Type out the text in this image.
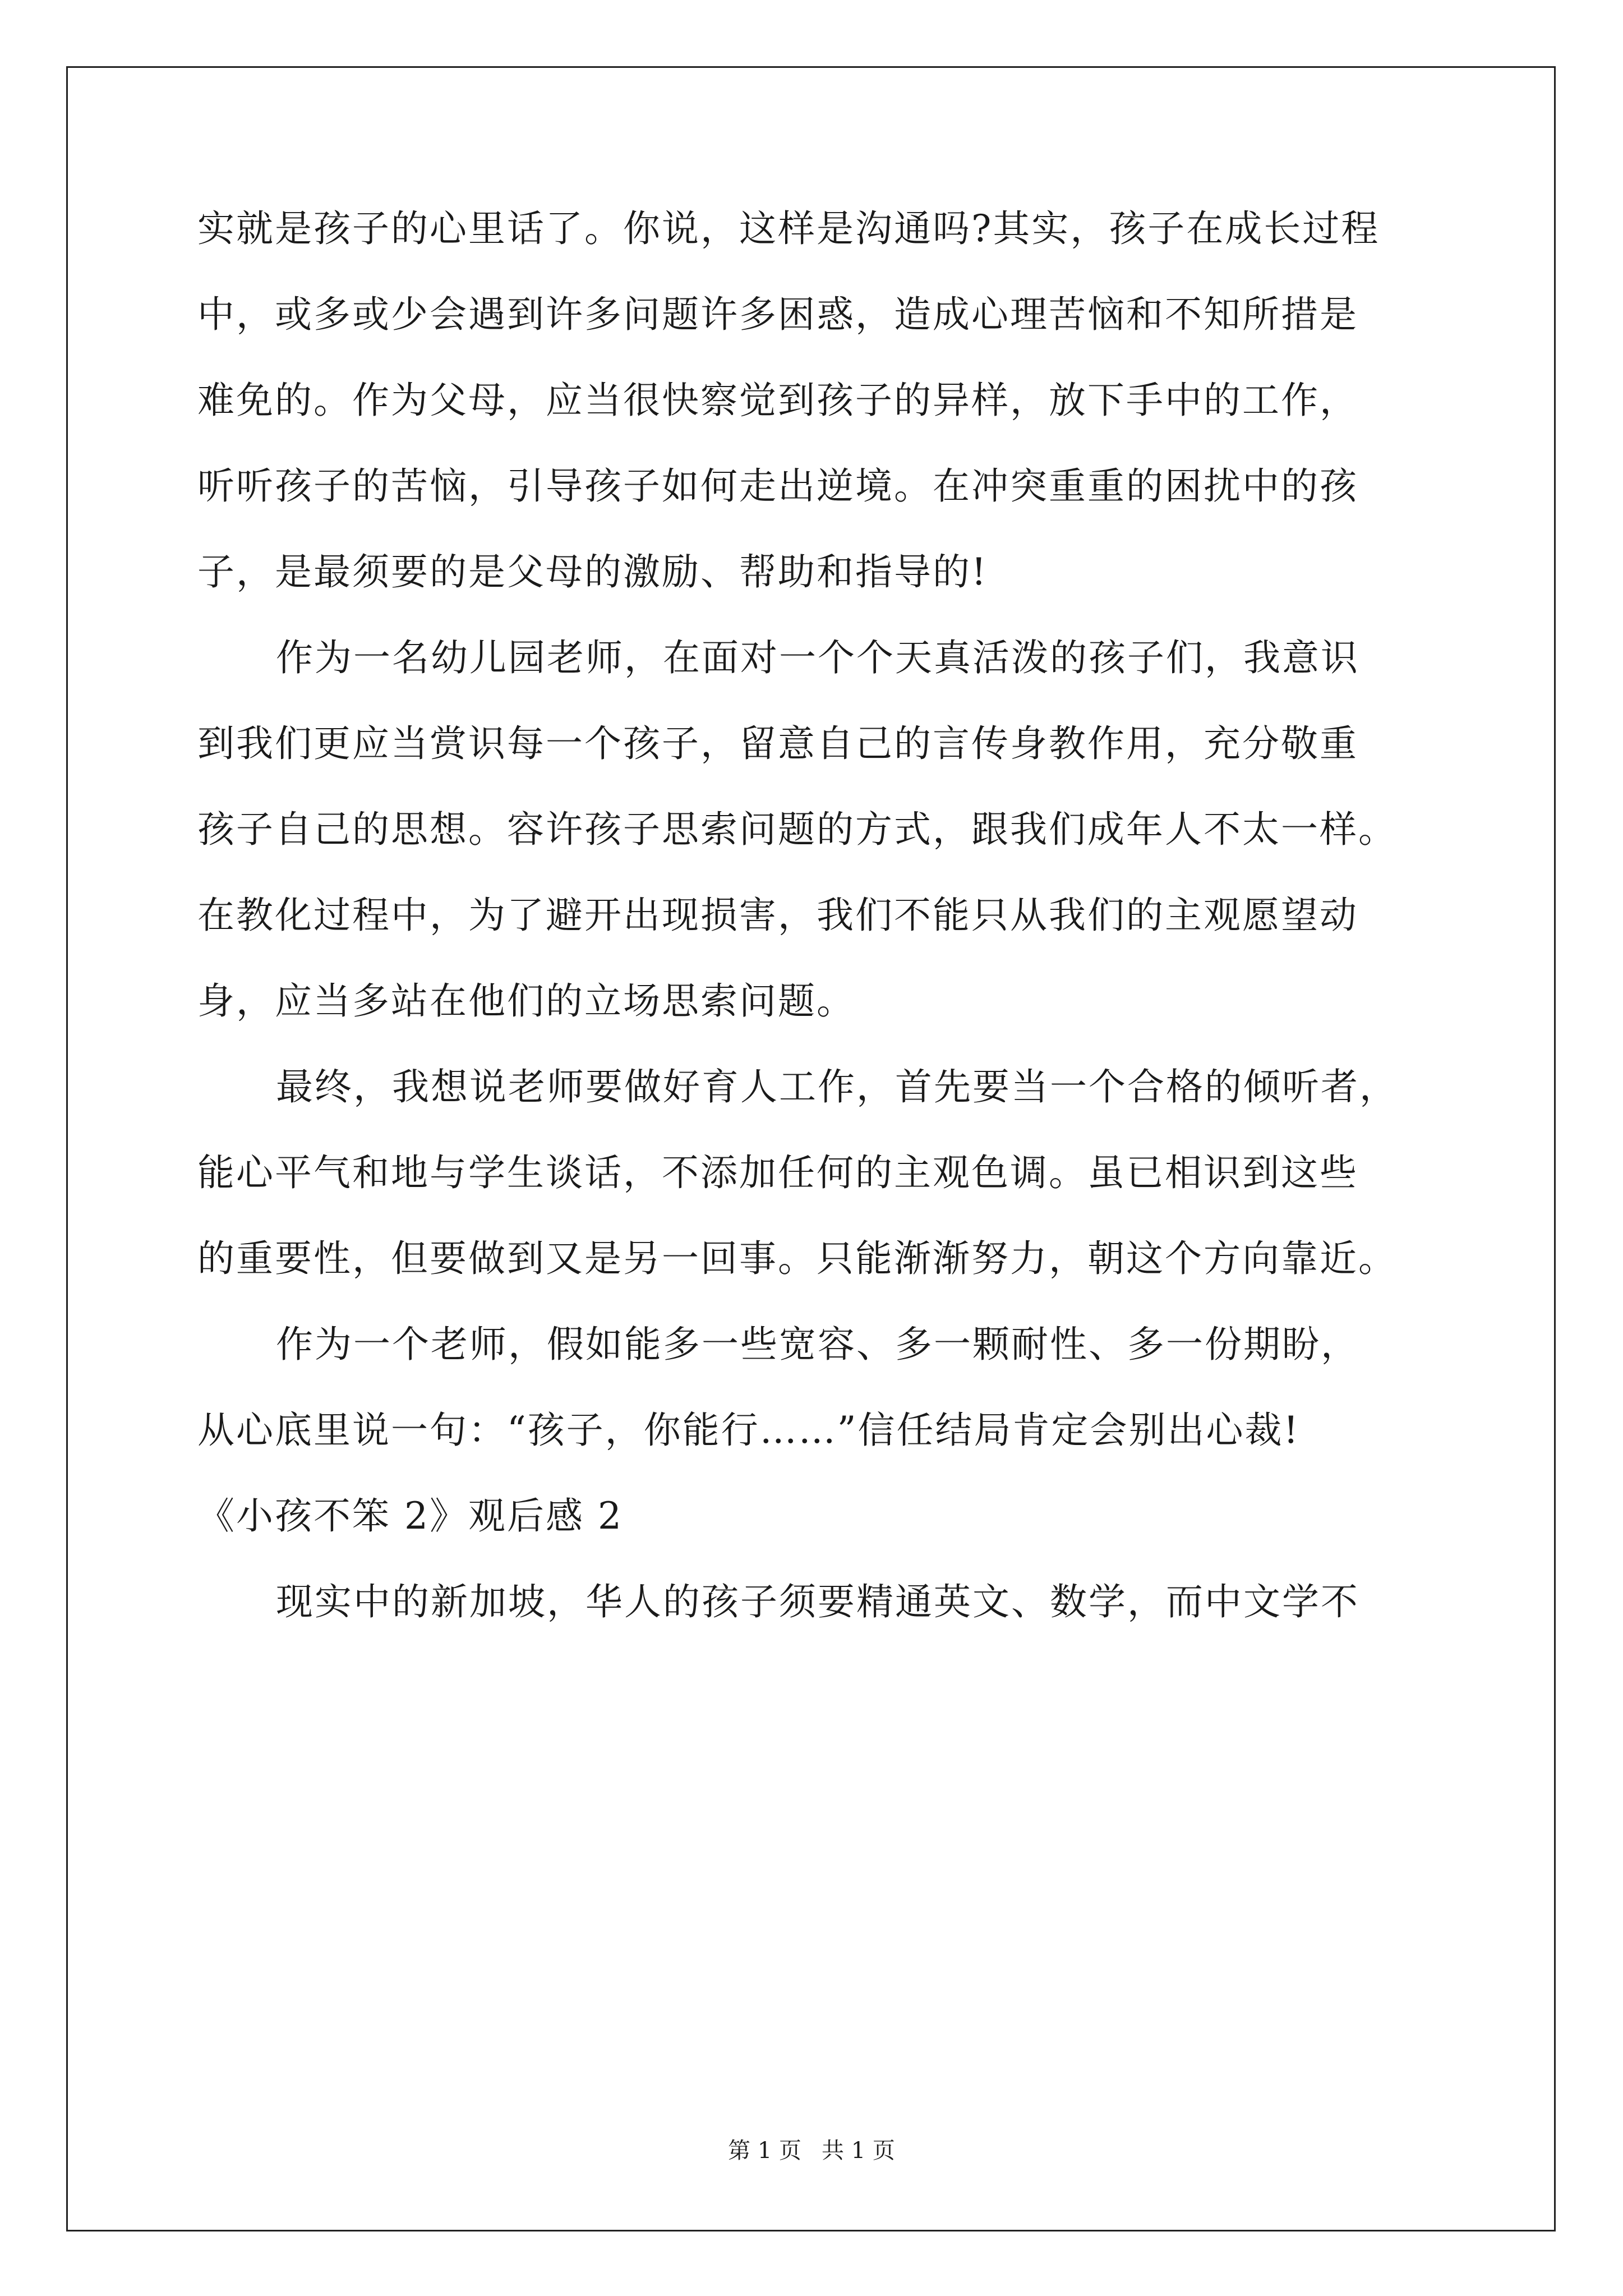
实就是孩子的心里话了。你说，这样是沟通吗?其实，孩子在成长过程
中，或多或少会遇到许多问题许多困惑，造成心理苦恼和不知所措是
难免的。作为父母，应当很快察觉到孩子的异样，放下手中的工作，
听听孩子的苦恼，引导孩子如何走出逆境。在冲突重重的困扰中的孩
子，是最须要的是父母的激励、帮助和指导的!
作为一名幼儿园老师，在面对一个个天真活泼的孩子们，我意识
到我们更应当赏识每一个孩子，留意自己的言传身教作用，充分敬重
孩子自己的思想。容许孩子思索问题的方式，跟我们成年人不太一样。
在教化过程中，为了避开出现损害，我们不能只从我们的主观愿望动
身，应当多站在他们的立场思索问题。
最终，我想说老师要做好育人工作，首先要当一个合格的倾听者，
能心平气和地与学生谈话，不添加任何的主观色调。虽已相识到这些
的重要性，但要做到又是另一回事。只能渐渐努力，朝这个方向靠近。
作为一个老师，假如能多一些宽容、多一颗耐性、多一份期盼，
从心底里说一句：“孩子，你能行……”信任结局肯定会别出心裁!
《小孩不笨 2》观后感 2
现实中的新加坡，华人的孩子须要精通英文、数学，而中文学不
第 1 页 共 1 页
